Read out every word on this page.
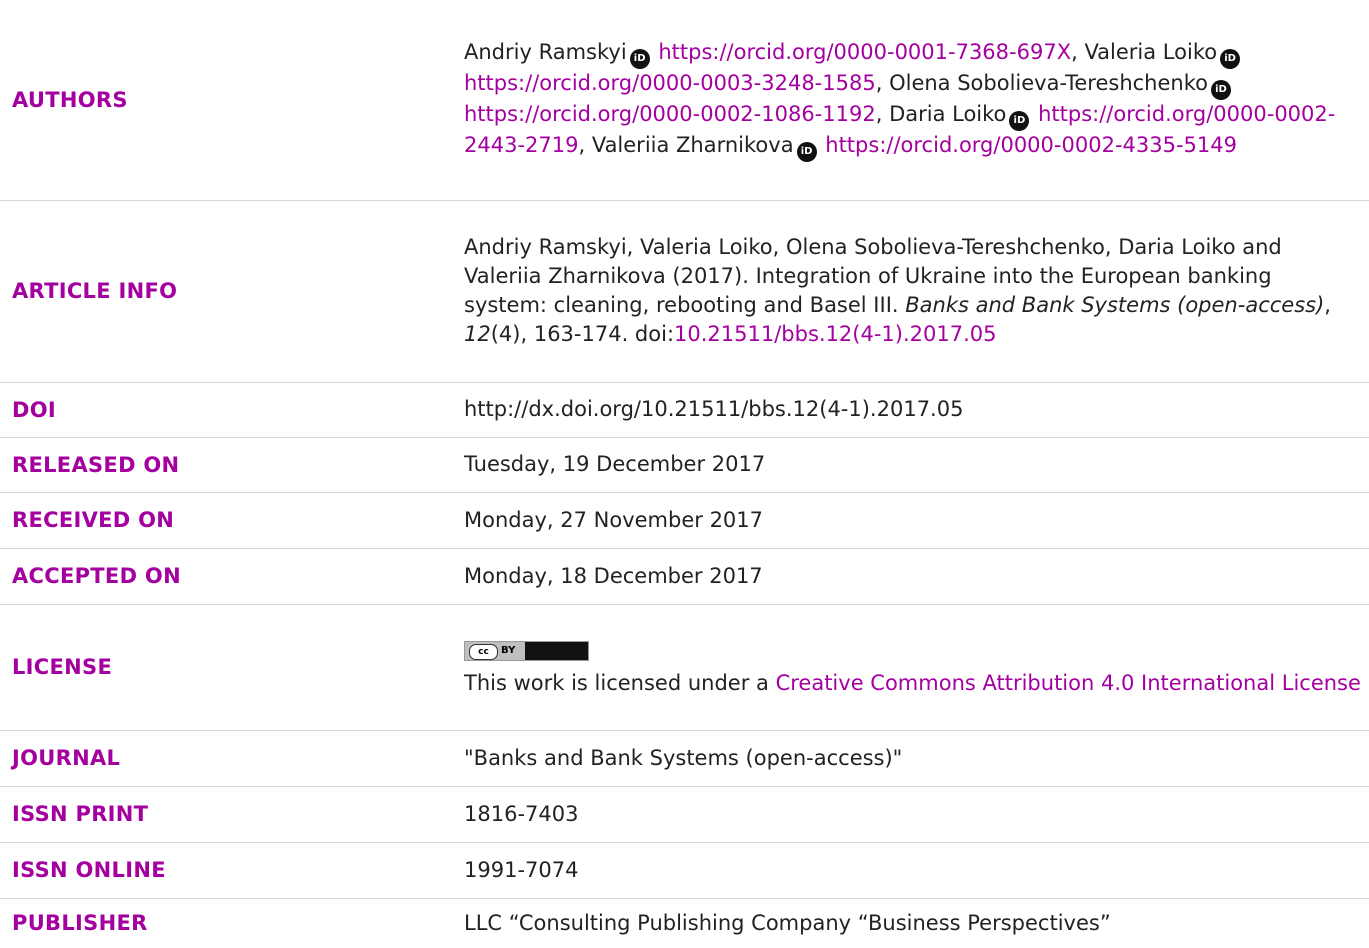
AUTHORS	Andriy Ramskyi iD https://orcid.org/0000-0001-7368-697X, Valeria Loiko iD https://orcid.org/0000-0003-3248-1585, Olena Sobolieva-Tereshchenko iD https://orcid.org/0000-0002-1086-1192, Daria Loiko iD https://orcid.org/0000-0002-2443-2719, Valeriia Zharnikova iD https://orcid.org/0000-0002-4335-5149
ARTICLE INFO	Andriy Ramskyi, Valeria Loiko, Olena Sobolieva-Tereshchenko, Daria Loiko and Valeriia Zharnikova (2017). Integration of Ukraine into the European banking system: cleaning, rebooting and Basel III. Banks and Bank Systems (open-access), 12(4), 163-174. doi:10.21511/bbs.12(4-1).2017.05
DOI	http://dx.doi.org/10.21511/bbs.12(4-1).2017.05
RELEASED ON	Tuesday, 19 December 2017
RECEIVED ON	Monday, 27 November 2017
ACCEPTED ON	Monday, 18 December 2017
LICENSE	cc BY
This work is licensed under a Creative Commons Attribution 4.0 International License
JOURNAL	"Banks and Bank Systems (open-access)"
ISSN PRINT	1816-7403
ISSN ONLINE	1991-7074
PUBLISHER	LLC “Consulting Publishing Company “Business Perspectives”
